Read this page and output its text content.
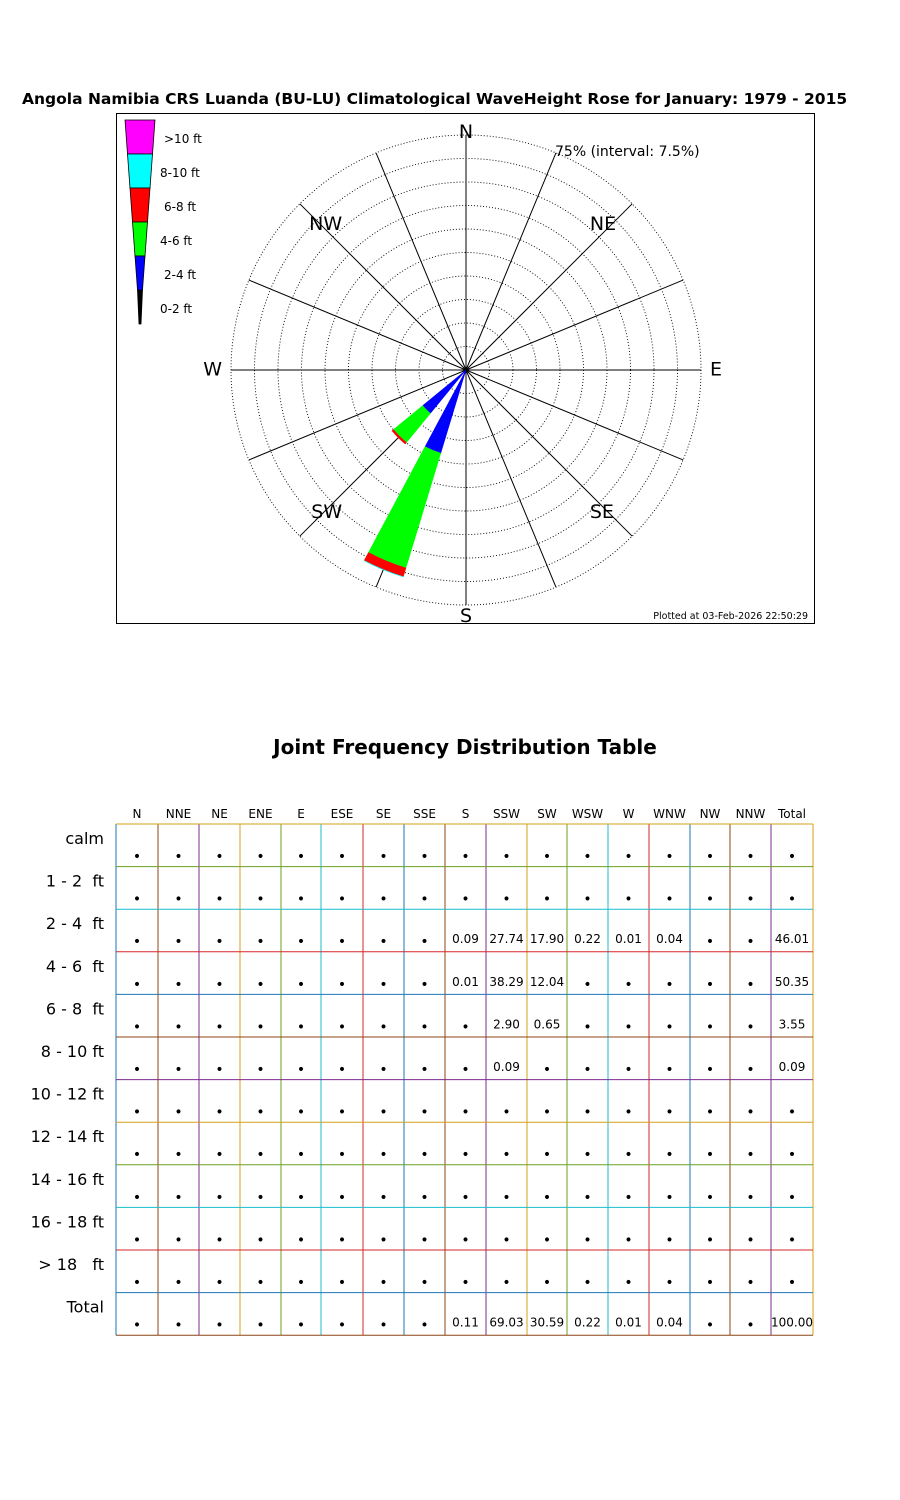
Angola Namibia CRS Luanda (BU-LU) Climatological WaveHeight Rose for January: 1979 - 2015
N
NE
E
SE
S
SW
W
NW
75% (interval: 7.5%)
>10 ft
8-10 ft
6-8 ft
4-6 ft
2-4 ft
0-2 ft
Plotted at 03-Feb-2026 22:50:29
Joint Frequency Distribution Table
N NNE NE ENE E ESE SE SSE S SSW SW WSW W WNW NW NNW Total
calm
• • • • • • • • • • • • • • • • •
1 - 2  ft
• • • • • • • • • • • • • • • • •
2 - 4  ft
• • • • • • • • 0.09 27.74 17.90 0.22 0.01 0.04 • • 46.01
4 - 6  ft
• • • • • • • • 0.01 38.29 12.04 • • • • • 50.35
6 - 8  ft
• • • • • • • • • 2.90 0.65 • • • • • 3.55
8 - 10 ft
• • • • • • • • • 0.09 • • • • • • 0.09
10 - 12 ft
• • • • • • • • • • • • • • • • •
12 - 14 ft
• • • • • • • • • • • • • • • • •
14 - 16 ft
• • • • • • • • • • • • • • • • •
16 - 18 ft
• • • • • • • • • • • • • • • • •
> 18   ft
• • • • • • • • • • • • • • • • •
Total
• • • • • • • • 0.11 69.03 30.59 0.22 0.01 0.04 • • 100.00
